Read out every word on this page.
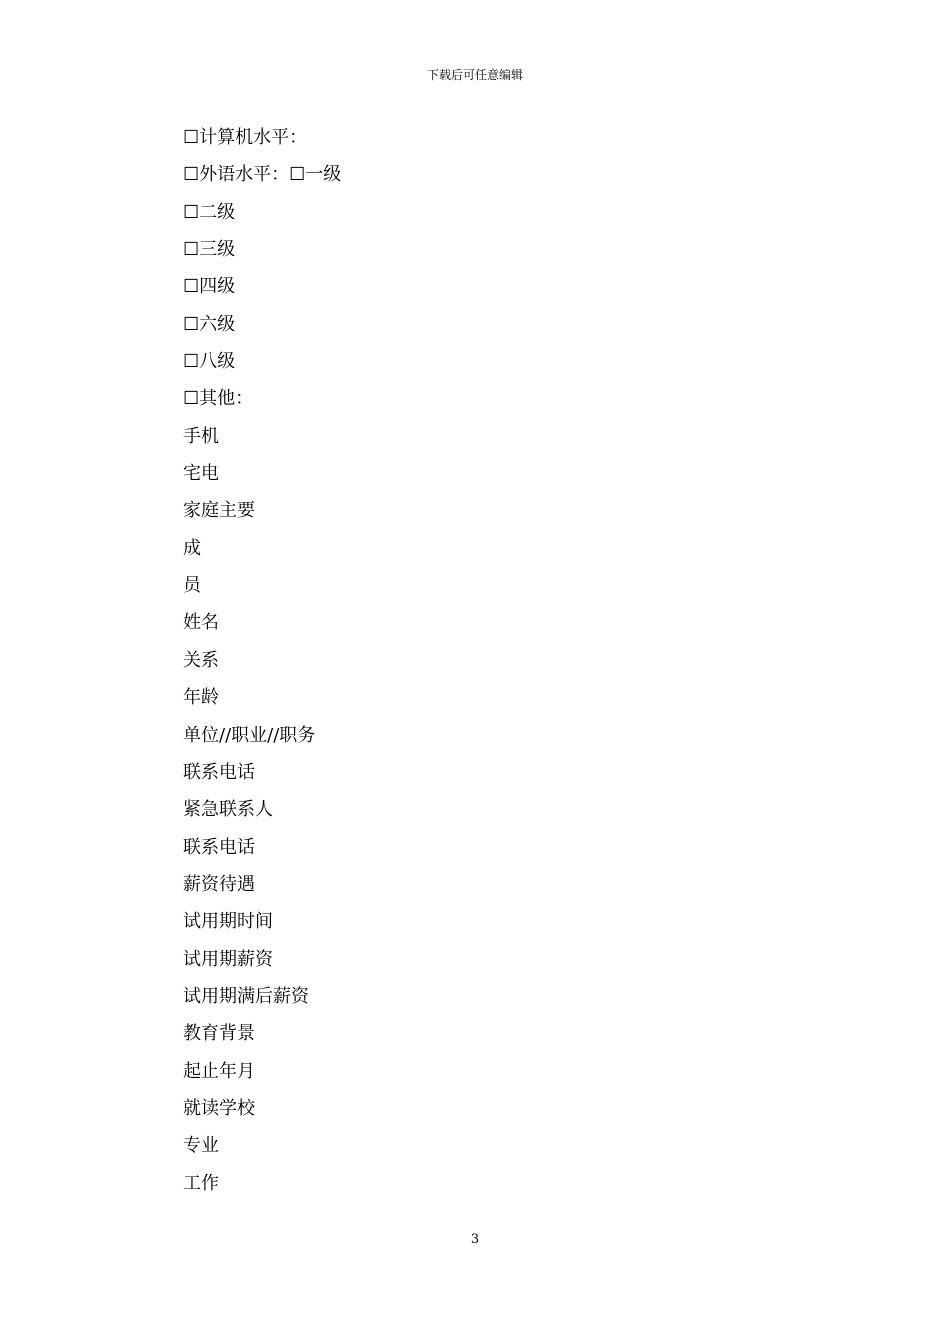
下载后可任意编辑
☐计算机水平：
☐外语水平：☐一级
☐二级
☐三级
☐四级
☐六级
☐八级
☐其他：
手机
宅电
家庭主要
成
员
姓名
关系
年龄
单位//职业//职务
联系电话
紧急联系人
联系电话
薪资待遇
试用期时间
试用期薪资
试用期满后薪资
教育背景
起止年月
就读学校
专业
工作
3
